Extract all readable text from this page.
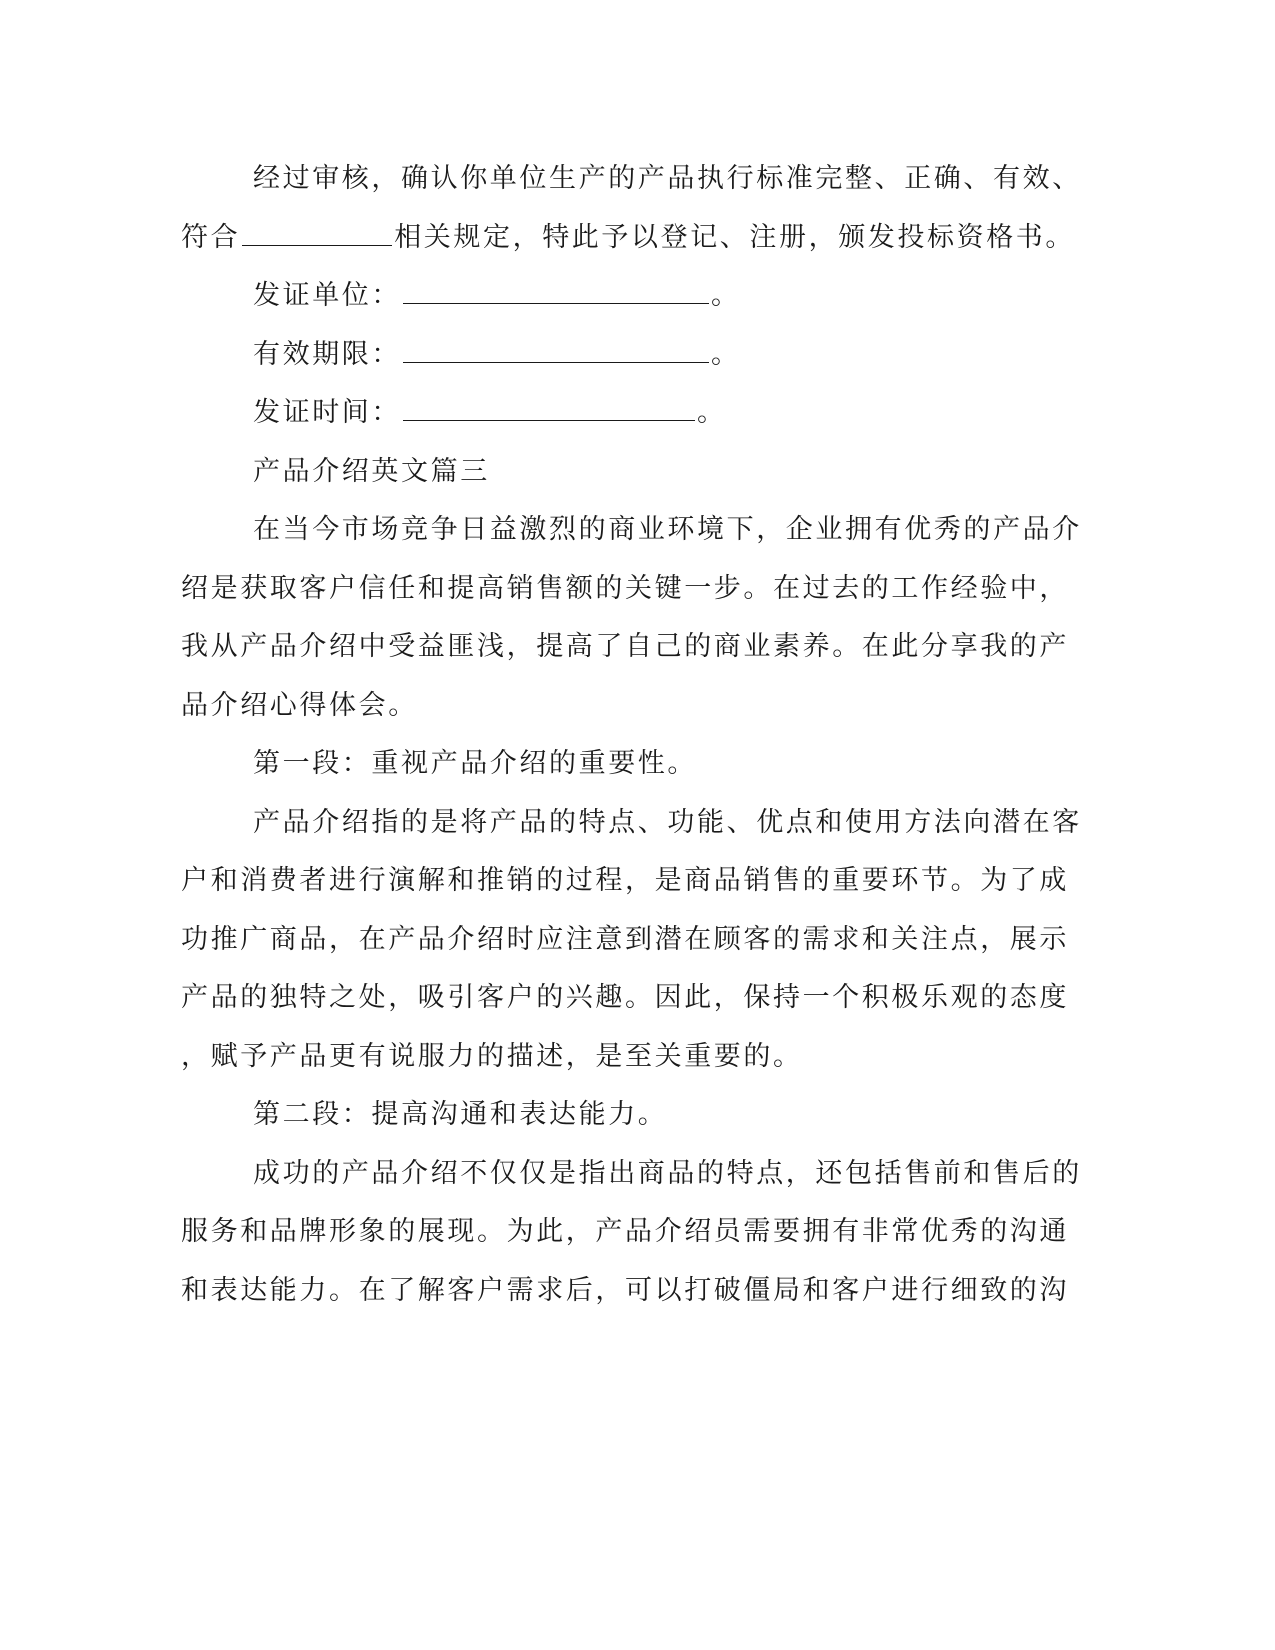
经过审核，确认你单位生产的产品执行标准完整、正确、有效、
符合	相关规定，特此予以登记、注册，颁发投标资格书。
发证单位：	。
有效期限：	。
发证时间：	。
产品介绍英文篇三
在当今市场竞争日益激烈的商业环境下，企业拥有优秀的产品介
绍是获取客户信任和提高销售额的关键一步。在过去的工作经验中，
我从产品介绍中受益匪浅，提高了自己的商业素养。在此分享我的产
品介绍心得体会。
第一段：重视产品介绍的重要性。
产品介绍指的是将产品的特点、功能、优点和使用方法向潜在客
户和消费者进行演解和推销的过程，是商品销售的重要环节。为了成
功推广商品，在产品介绍时应注意到潜在顾客的需求和关注点，展示
产品的独特之处，吸引客户的兴趣。因此，保持一个积极乐观的态度
，赋予产品更有说服力的描述，是至关重要的。
第二段：提高沟通和表达能力。
成功的产品介绍不仅仅是指出商品的特点，还包括售前和售后的
服务和品牌形象的展现。为此，产品介绍员需要拥有非常优秀的沟通
和表达能力。在了解客户需求后，可以打破僵局和客户进行细致的沟
